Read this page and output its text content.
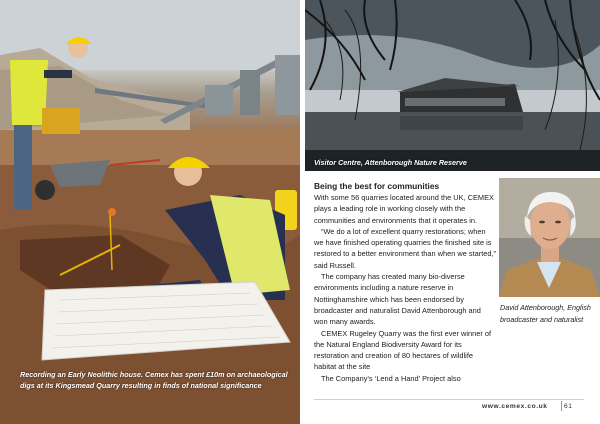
Recording an Early Neolithic house. Cemex has spent £10m on archaeological digs at its Kingsmead Quarry resulting in finds of national significance
Visitor Centre, Attenborough Nature Reserve
Being the best for communities

With some 56 quarries located around the UK, CEMEX plays a leading role in working closely with the communities and environments that it operates in.

“We do a lot of excellent quarry restorations; when we have finished operating quarries the finished site is restored to a better environment than when we started,” said Russell.

The company has created many bio-diverse environments including a nature reserve in Nottinghamshire which has been endorsed by broadcaster and naturalist David Attenborough and won many awards.

CEMEX Rugeley Quarry was the first ever winner of the Natural England Biodiversity Award for its restoration and creation of 80 hectares of wildlife habitat at the site

The Company’s ‘Lend a Hand’ Project also

David Attenborough, English broadcaster and naturalist
www.cemex.co.uk 61
